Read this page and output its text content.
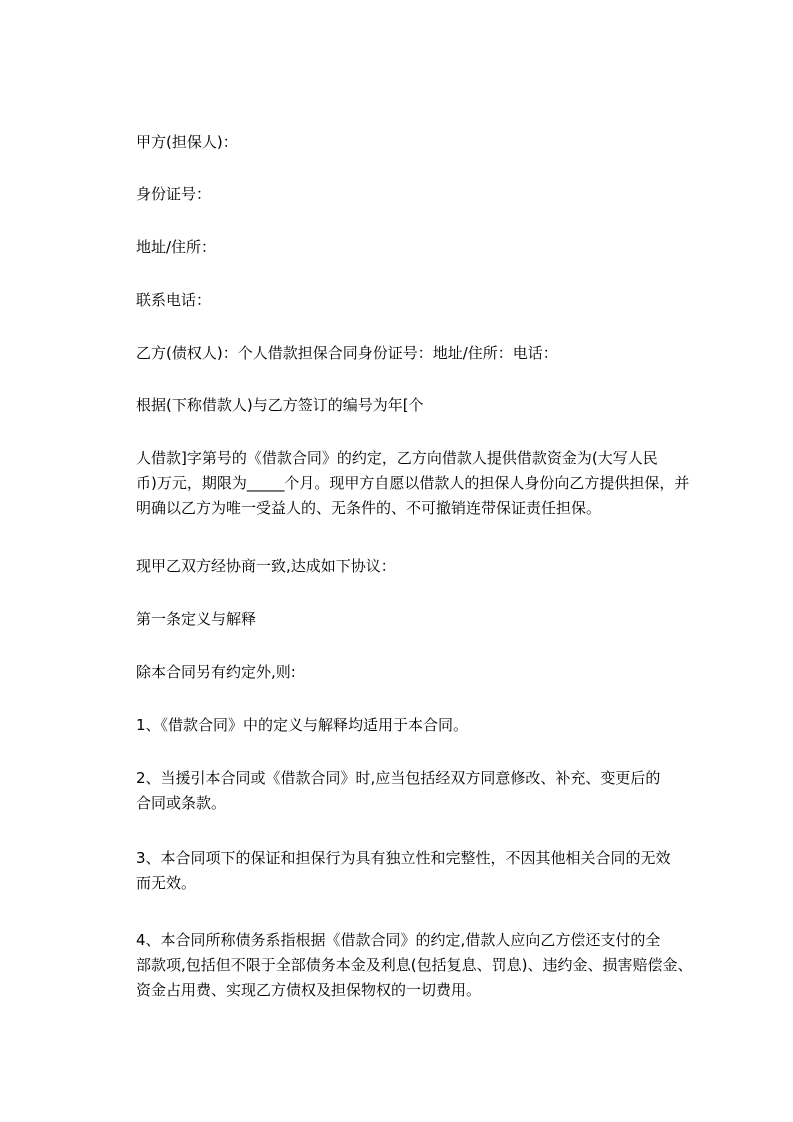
甲方(担保人)：
身份证号：
地址/住所：
联系电话：
乙方(债权人)：个人借款担保合同身份证号：地址/住所：电话：
根据(下称借款人)与乙方签订的编号为年[个
人借款]字第号的《借款合同》的约定，乙方向借款人提供借款资金为(大写人民
币)万元，期限为_____个月。现甲方自愿以借款人的担保人身份向乙方提供担保，并
明确以乙方为唯一受益人的、无条件的、不可撤销连带保证责任担保。
现甲乙双方经协商一致,达成如下协议：
第一条定义与解释
除本合同另有约定外,则:
1、《借款合同》中的定义与解释均适用于本合同。
2、当援引本合同或《借款合同》时,应当包括经双方同意修改、补充、变更后的
合同或条款。
3、本合同项下的保证和担保行为具有独立性和完整性，不因其他相关合同的无效
而无效。
4、本合同所称债务系指根据《借款合同》的约定,借款人应向乙方偿还支付的全
部款项,包括但不限于全部债务本金及利息(包括复息、罚息)、违约金、损害赔偿金、
资金占用费、实现乙方债权及担保物权的一切费用。
